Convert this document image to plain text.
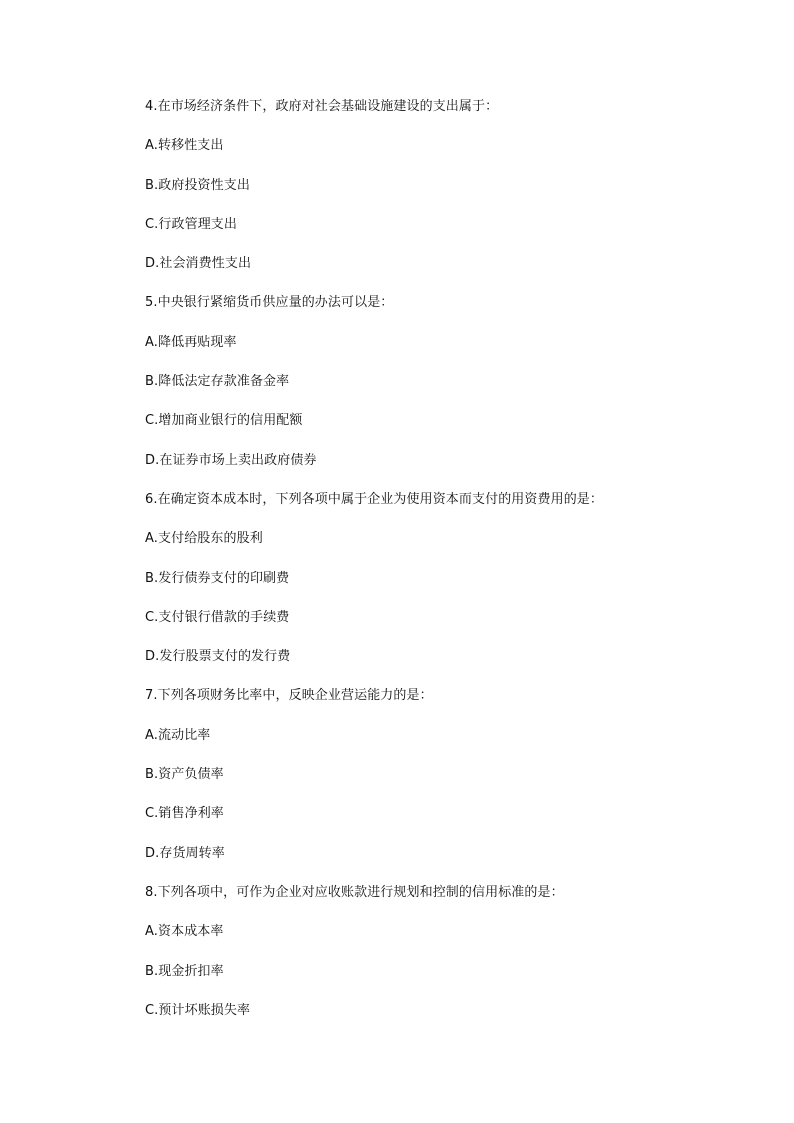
4.在市场经济条件下，政府对社会基础设施建设的支出属于：
A.转移性支出
B.政府投资性支出
C.行政管理支出
D.社会消费性支出
5.中央银行紧缩货币供应量的办法可以是：
A.降低再贴现率
B.降低法定存款准备金率
C.增加商业银行的信用配额
D.在证券市场上卖出政府债券
6.在确定资本成本时，下列各项中属于企业为使用资本而支付的用资费用的是：
A.支付给股东的股利
B.发行债券支付的印刷费
C.支付银行借款的手续费
D.发行股票支付的发行费
7.下列各项财务比率中，反映企业营运能力的是：
A.流动比率
B.资产负债率
C.销售净利率
D.存货周转率
8.下列各项中，可作为企业对应收账款进行规划和控制的信用标准的是：
A.资本成本率
B.现金折扣率
C.预计坏账损失率
